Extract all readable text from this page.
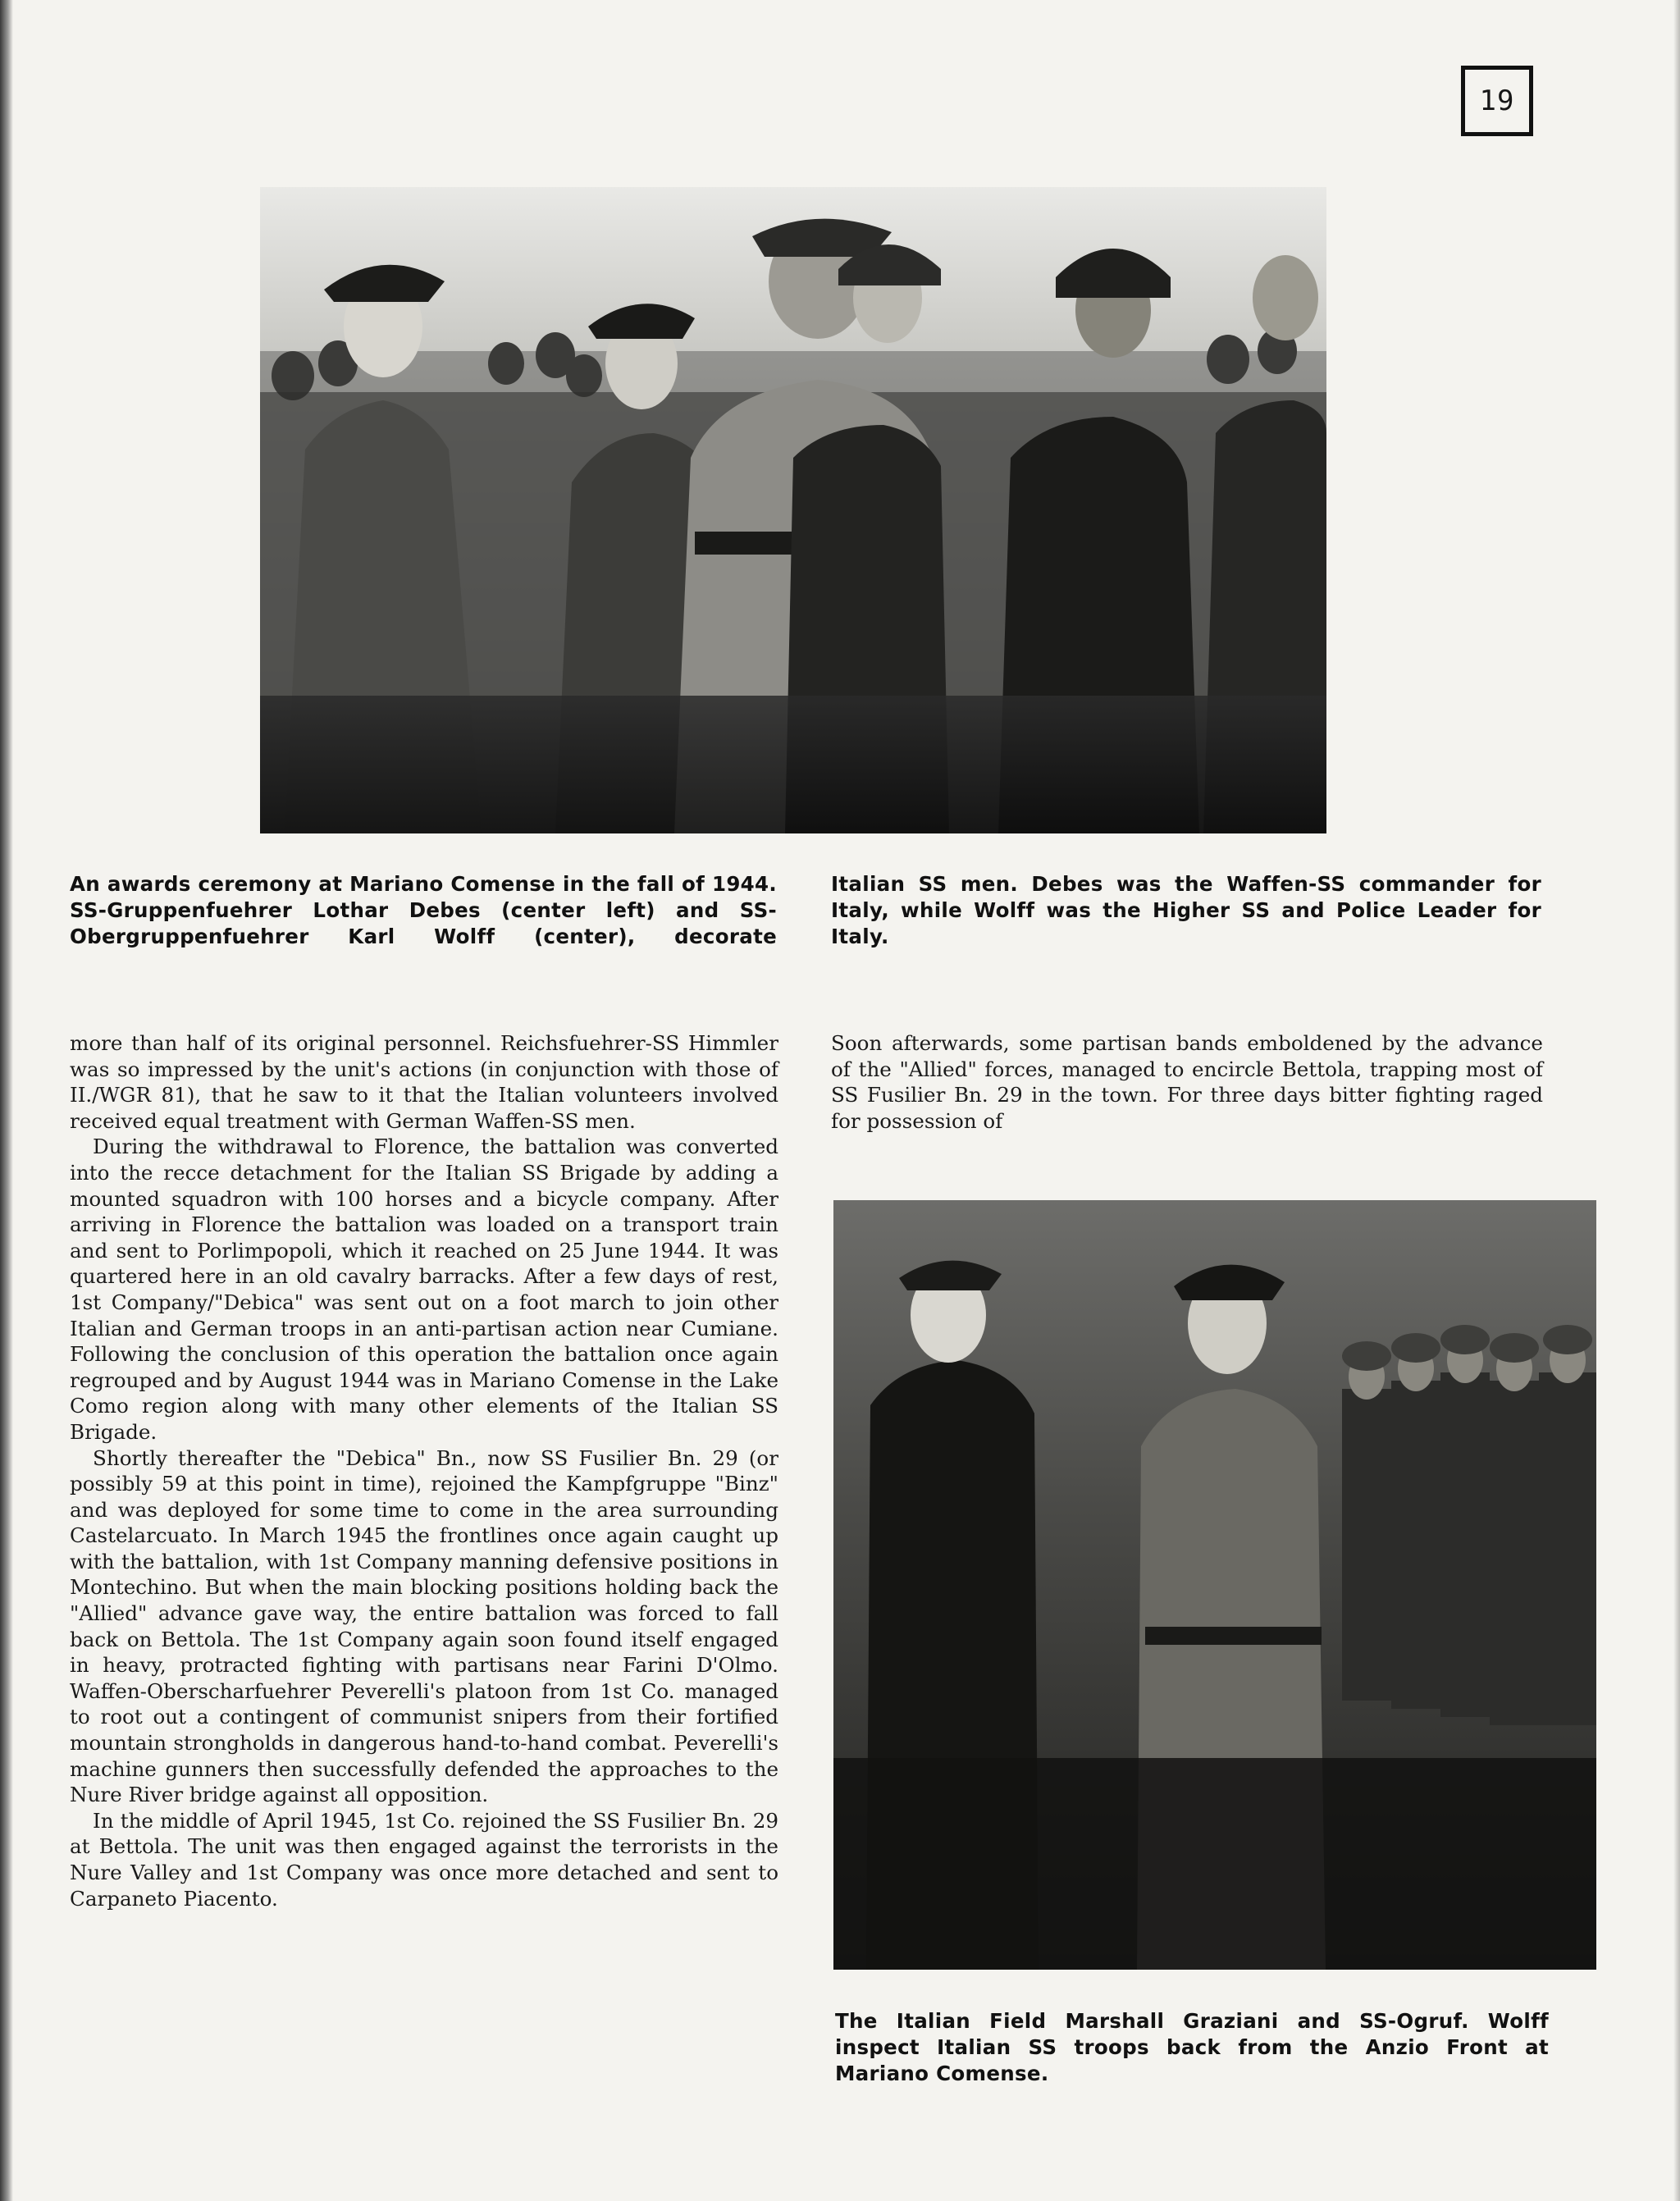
19
An awards ceremony at Mariano Comense in the fall of 1944. SS-Gruppenfuehrer Lothar Debes (center left) and SS-Obergruppenfuehrer Karl Wolff (center), decorate
Italian SS men. Debes was the Waffen-SS commander for Italy, while Wolff was the Higher SS and Police Leader for Italy.

more than half of its original personnel. Reichsfuehrer-SS Himmler was so impressed by the unit's actions (in conjunction with those of II./WGR 81), that he saw to it that the Italian volunteers involved received equal treatment with German Waffen-SS men.

During the withdrawal to Florence, the battalion was converted into the recce detachment for the Italian SS Brigade by adding a mounted squadron with 100 horses and a bicycle company. After arriving in Florence the battalion was loaded on a transport train and sent to Porlimpopoli, which it reached on 25 June 1944. It was quartered here in an old cavalry barracks. After a few days of rest, 1st Company/"Debica" was sent out on a foot march to join other Italian and German troops in an anti-partisan action near Cumiane. Following the conclusion of this operation the battalion once again regrouped and by August 1944 was in Mariano Comense in the Lake Como region along with many other elements of the Italian SS Brigade.

Shortly thereafter the "Debica" Bn., now SS Fusilier Bn. 29 (or possibly 59 at this point in time), rejoined the Kampfgruppe "Binz" and was deployed for some time to come in the area surrounding Castelarcuato. In March 1945 the frontlines once again caught up with the battalion, with 1st Company manning defensive positions in Montechino. But when the main blocking positions holding back the "Allied" advance gave way, the entire battalion was forced to fall back on Bettola. The 1st Company again soon found itself engaged in heavy, protracted fighting with partisans near Farini D'Olmo. Waffen-Oberscharfuehrer Peverelli's platoon from 1st Co. managed to root out a contingent of communist snipers from their fortified mountain strongholds in dangerous hand-to-hand combat. Peverelli's machine gunners then successfully defended the approaches to the Nure River bridge against all opposition.

In the middle of April 1945, 1st Co. rejoined the SS Fusilier Bn. 29 at Bettola. The unit was then engaged against the terrorists in the Nure Valley and 1st Company was once more detached and sent to Carpaneto Piacento.

Soon afterwards, some partisan bands emboldened by the advance of the "Allied" forces, managed to encircle Bettola, trapping most of SS Fusilier Bn. 29 in the town. For three days bitter fighting raged for possession of

The Italian Field Marshall Graziani and SS-Ogruf. Wolff inspect Italian SS troops back from the Anzio Front at Mariano Comense.
